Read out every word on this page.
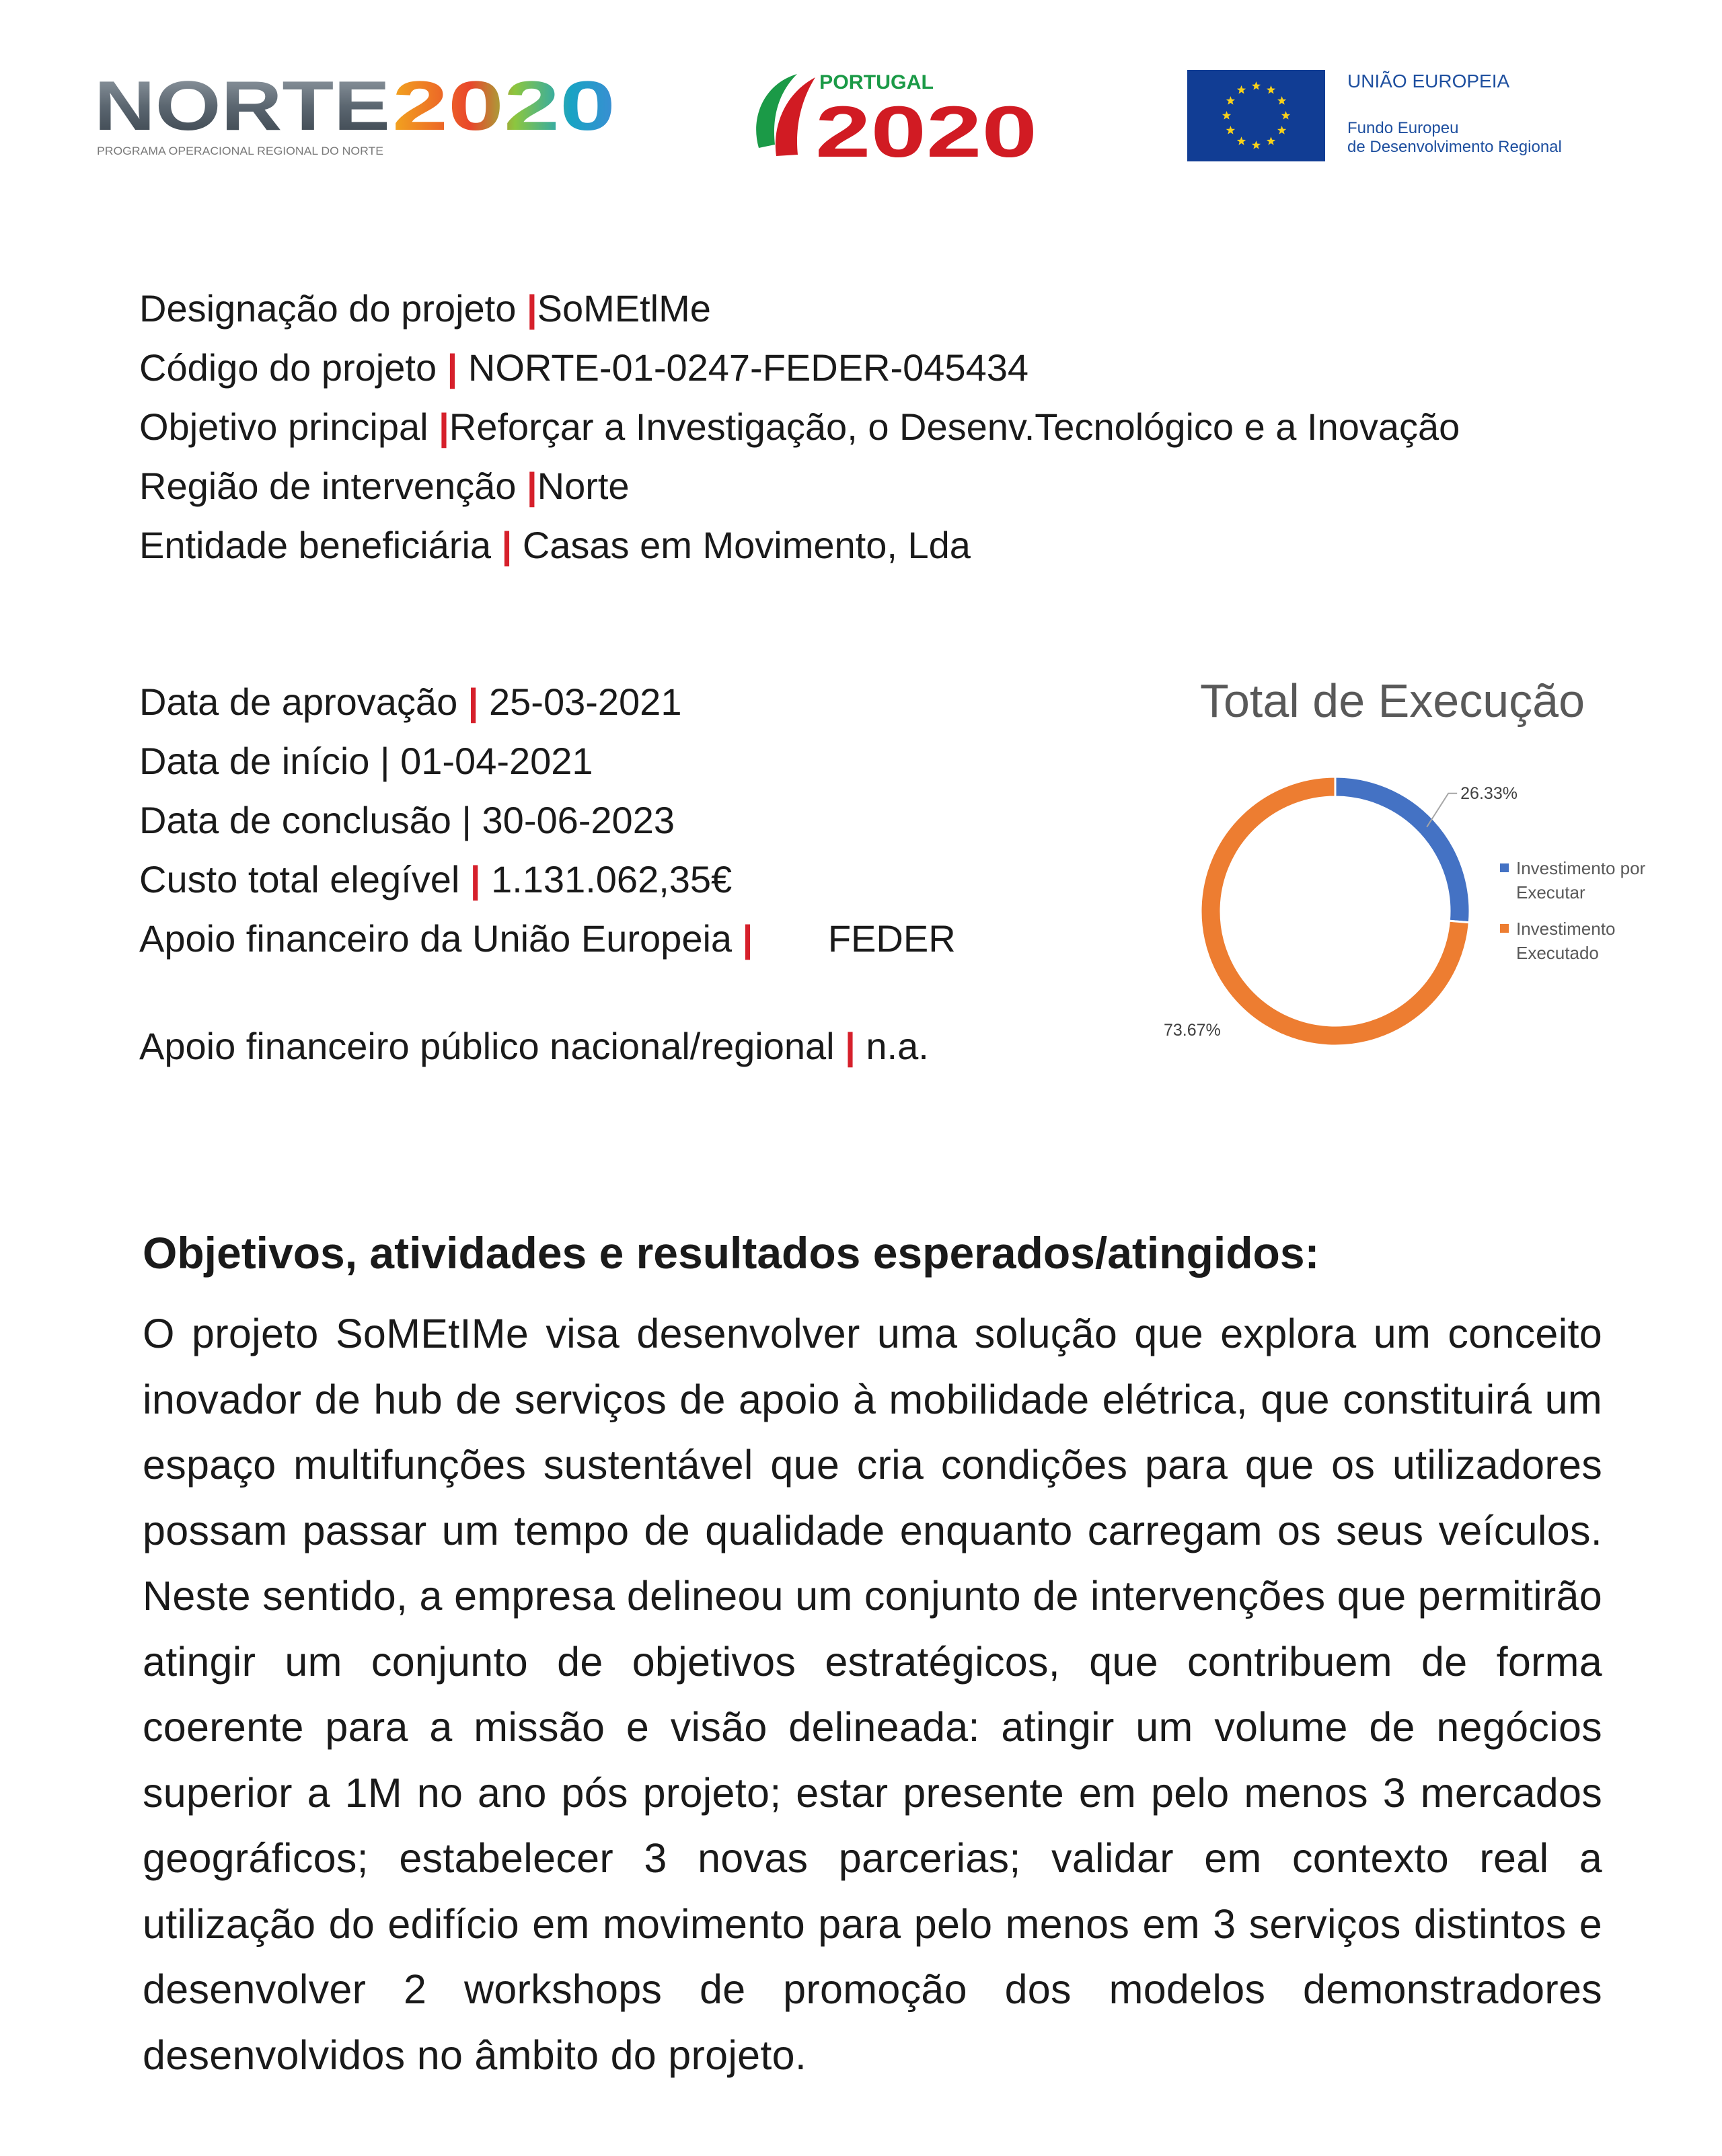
NORTE 2020
PROGRAMA OPERACIONAL REGIONAL DO NORTE
PORTUGAL
2020
UNIÃO EUROPEIA
Fundo Europeu
de Desenvolvimento Regional
Designação do projeto |SoMEtlMe
Código do projeto | NORTE-01-0247-FEDER-045434
Objetivo principal |Reforçar a Investigação, o Desenv.Tecnológico e a Inovação
Região de intervenção |Norte
Entidade beneficiária | Casas em Movimento, Lda
Data de aprovação | 25-03-2021
Data de início | 01-04-2021
Data de conclusão | 30-06-2023
Custo total elegível | 1.131.062,35€
Apoio financeiro da União Europeia | FEDER
Apoio financeiro público nacional/regional | n.a.
Total de Execução
26.33%
73.67%
Investimento por
Executar
Investimento
Executado
Objetivos, atividades e resultados esperados/atingidos:

O projeto SoMEtIMe visa desenvolver uma solução que explora um conceito inovador de hub de serviços de apoio à mobilidade elétrica, que constituirá um espaço multifunções sustentável que cria condições para que os utilizadores possam passar um tempo de qualidade enquanto carregam os seus veículos. Neste sentido, a empresa delineou um conjunto de intervenções que permitirão atingir um conjunto de objetivos estratégicos, que contribuem de forma coerente para a missão e visão delineada: atingir um volume de negócios superior a 1M no ano pós projeto; estar presente em pelo menos 3 mercados geográficos; estabelecer 3 novas parcerias; validar em contexto real a utilização do edifício em movimento para pelo menos em 3 serviços distintos e desenvolver 2 workshops de promoção dos modelos demonstradores desenvolvidos no âmbito do projeto.
